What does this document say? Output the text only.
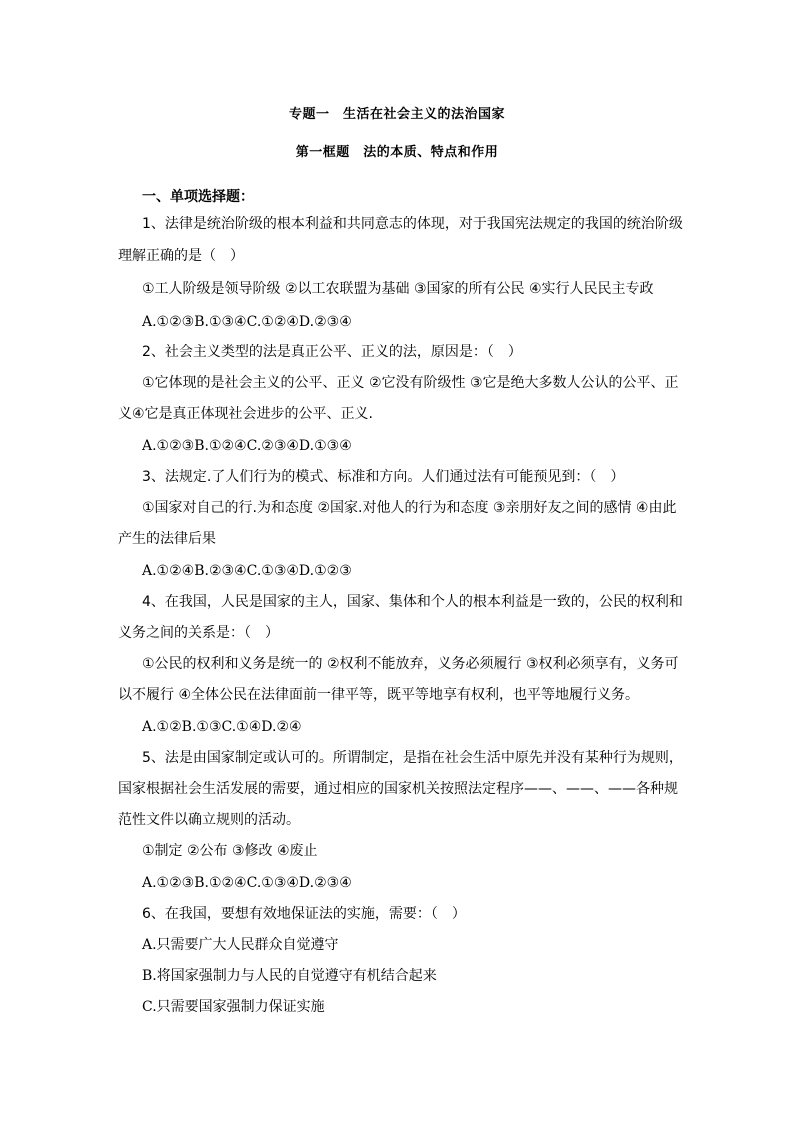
专题一　生活在社会主义的法治国家
第一框题　法的本质、特点和作用
一、单项选择题：
1、法律是统治阶级的根本利益和共同意志的体现，对于我国宪法规定的我国的统治阶级
理解正确的是（　）
①工人阶级是领导阶级 ②以工农联盟为基础 ③国家的所有公民 ④实行人民民主专政
A.①②③B.①③④C.①②④D.②③④
2、社会主义类型的法是真正公平、正义的法，原因是：（　）
①它体现的是社会主义的公平、正义 ②它没有阶级性 ③它是绝大多数人公认的公平、正
义④它是真正体现社会进步的公平、正义.
A.①②③B.①②④C.②③④D.①③④
3、法规定.了人们行为的模式、标准和方向。人们通过法有可能预见到：（　）
①国家对自己的行.为和态度 ②国家.对他人的行为和态度 ③亲朋好友之间的感情 ④由此
产生的法律后果
A.①②④B.②③④C.①③④D.①②③
4、在我国，人民是国家的主人，国家、集体和个人的根本利益是一致的，公民的权利和
义务之间的关系是：（　）
①公民的权利和义务是统一的 ②权利不能放弃，义务必须履行 ③权利必须享有，义务可
以不履行 ④全体公民在法律面前一律平等，既平等地享有权利，也平等地履行义务。
A.①②B.①③C.①④D.②④
5、法是由国家制定或认可的。所谓制定，是指在社会生活中原先并没有某种行为规则，
国家根据社会生活发展的需要，通过相应的国家机关按照法定程序——、——、——各种规
范性文件以确立规则的活动。
①制定 ②公布 ③修改 ④废止
A.①②③B.①②④C.①③④D.②③④
6、在我国，要想有效地保证法的实施，需要：（　）
A.只需要广大人民群众自觉遵守
B.将国家强制力与人民的自觉遵守有机结合起来
C.只需要国家强制力保证实施
